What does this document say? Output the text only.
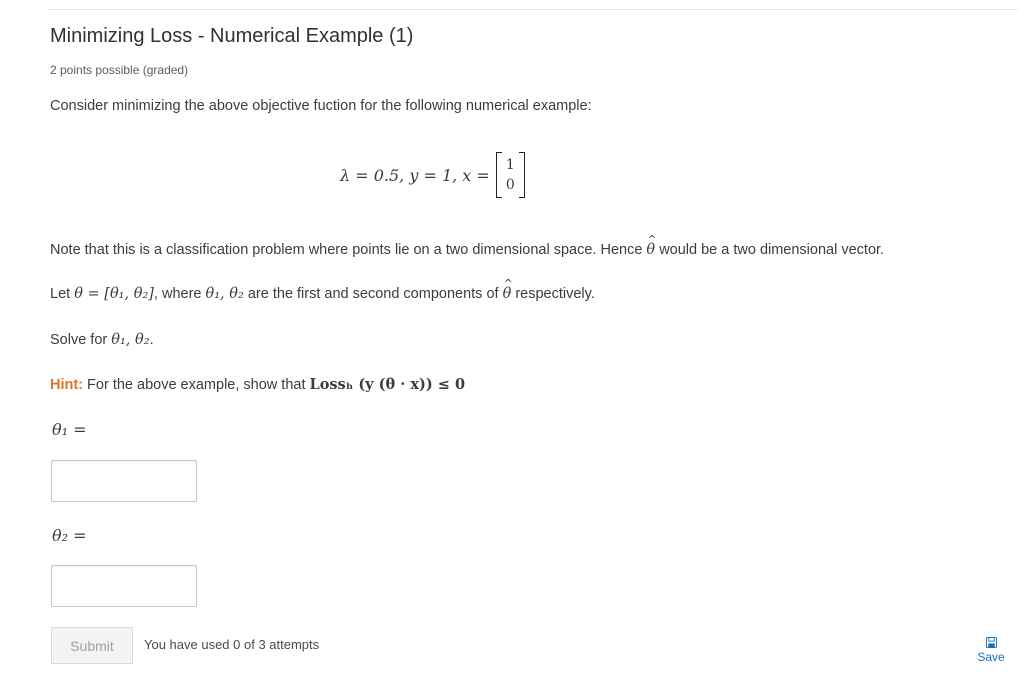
Minimizing Loss - Numerical Example (1)
2 points possible (graded)
Consider minimizing the above objective fuction for the following numerical example:
λ = 0.5, y = 1, x =
1
0
Note that this is a classification problem where points lie on a two dimensional space. Hence ^ θ would be a two dimensional vector.
Let θ = [θ₁, θ₂], where θ₁, θ₂ are the first and second components of ^ θ respectively.
Solve for θ₁, θ₂.
Hint: For the above example, show that Lossₕ (y (θ · x)) ≤ 0
θ₁ =
θ₂ =
Submit	You have used 0 of 3 attempts
Save
